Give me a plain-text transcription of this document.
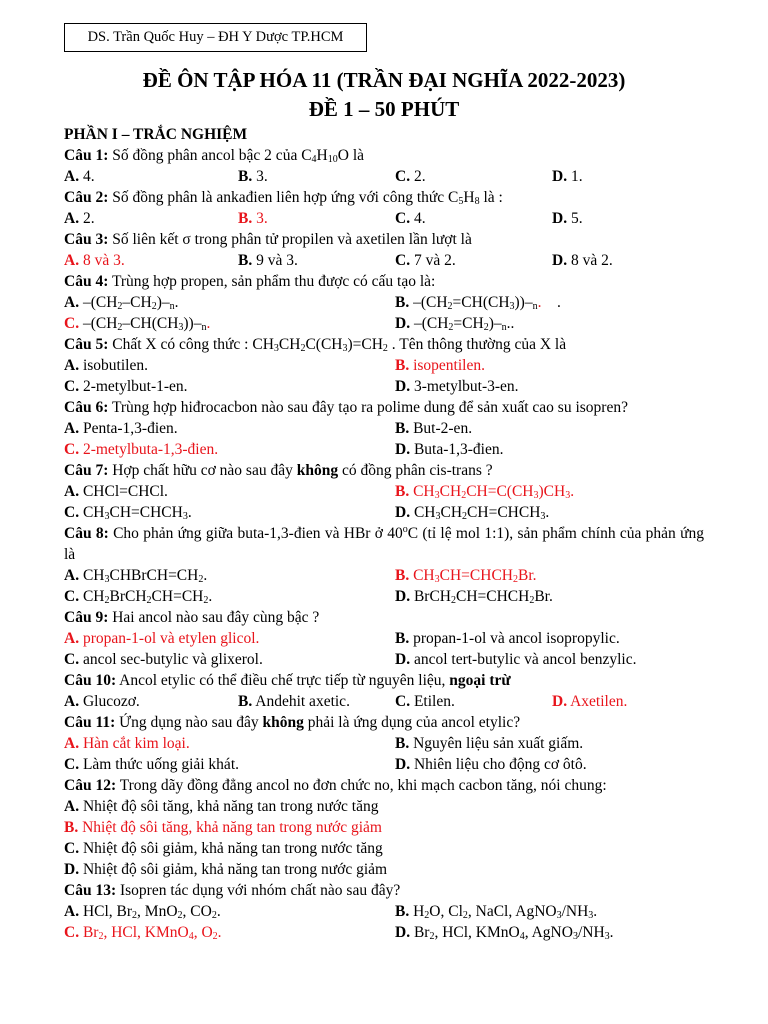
DS. Trần Quốc Huy – ĐH Y Dược TP.HCM
ĐỀ ÔN TẬP HÓA 11 (TRẦN ĐẠI NGHĨA 2022-2023)
ĐỀ 1 – 50 PHÚT
PHẦN I – TRẮC NGHIỆM
Câu 1: Số đồng phân ancol bậc 2 của $C_4H_{10}O$ là
A. 4.	B. 3.	C. 2.	D. 1.
Câu 2: Số đồng phân là ankađien liên hợp ứng với công thức $C_5H_8$ là :
A. 2.	B. 3.	C. 4.	D. 5.
Câu 3: Số liên kết σ trong phân tử propilen và axetilen lần lượt là
A. 8 và 3.	B. 9 và 3.	C. 7 và 2.	D. 8 và 2.
Câu 4: Trùng hợp propen, sản phẩm thu được có cấu tạo là:
A. $-(CH_2-CH_2)-_n$.	B. $-(CH_2=CH(CH_3))-_n$.    .
C. $-(CH_2-CH(CH_3))-_n$.	D. $-(CH_2=CH_2)-_n$..
Câu 5: Chất X có công thức : $CH_3CH_2C(CH_3)=CH_2$ . Tên thông thường của X là
A. isobutilen.	B. isopentilen.
C. 2-metylbut-1-en.	D. 3-metylbut-3-en.
Câu 6: Trùng hợp hiđrocacbon nào sau đây tạo ra polime dung để sản xuất cao su isopren?
A. Penta-1,3-đien.	B. But-2-en.
C. 2-metylbuta-1,3-đien.	D. Buta-1,3-đien.
Câu 7: Hợp chất hữu cơ nào sau đây không có đồng phân cis-trans ?
A. CHCl=CHCl.	B. $CH_3CH_2CH=C(CH_3)CH_3$.
C. $CH_3CH=CHCH_3$.	D. $CH_3CH_2CH=CHCH_3$.
Câu 8: Cho phản ứng giữa buta-1,3-đien và HBr ở 40$^o$C (tỉ lệ mol 1:1), sản phẩm chính của phản ứng là
A. $CH_3CHBrCH=CH_2$.	B. $CH_3CH=CHCH_2Br$.
C. $CH_2BrCH_2CH=CH_2$.	D. $BrCH_2CH=CHCH_2Br$.
Câu 9: Hai ancol nào sau đây cùng bậc ?
A. propan-1-ol và etylen glicol.	B. propan-1-ol và ancol isopropylic.
C. ancol sec-butylic và glixerol.	D. ancol tert-butylic và ancol benzylic.
Câu 10: Ancol etylic có thể điều chế trực tiếp từ nguyên liệu, ngoại trừ
A. Glucozơ.	B. Andehit axetic.	C. Etilen.	D. Axetilen.
Câu 11: Ứng dụng nào sau đây không phải là ứng dụng của ancol etylic?
A. Hàn cắt kim loại.	B. Nguyên liệu sản xuất giấm.
C. Làm thức uống giải khát.	D. Nhiên liệu cho động cơ ôtô.
Câu 12: Trong dãy đồng đẳng ancol no đơn chức no, khi mạch cacbon tăng, nói chung:
A. Nhiệt độ sôi tăng, khả năng tan trong nước tăng
B. Nhiệt độ sôi tăng, khả năng tan trong nước giảm
C. Nhiệt độ sôi giảm, khả năng tan trong nước tăng
D. Nhiệt độ sôi giảm, khả năng tan trong nước giảm
Câu 13: Isopren tác dụng với nhóm chất nào sau đây?
A. HCl, $Br_2$, MnO$_2$, $CO_2$.	B. $H_2O$, $Cl_2$, NaCl, $AgNO_3/NH_3$.
C. $Br_2$, HCl, KMnO$_4$, $O_2$.	D. $Br_2$, HCl, KMnO$_4$, $AgNO_3/NH_3$.
